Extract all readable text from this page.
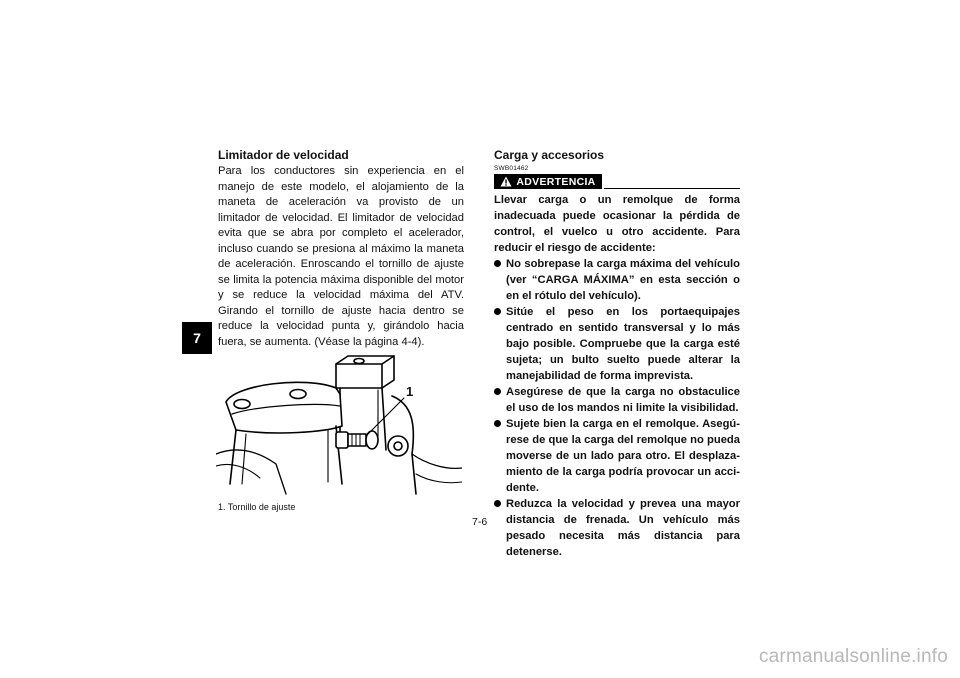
7

Limitador de velocidad

Para los conductores sin experiencia en el manejo de este modelo, el alojamiento de la maneta de aceleración va provisto de un limitador de velocidad. El limitador de velocidad evita que se abra por completo el acelerador, incluso cuando se presiona al máximo la maneta de aceleración. Enroscando el tornillo de ajuste se limita la potencia máxima disponible del motor y se reduce la velocidad máxima del ATV. Girando el tornillo de ajuste hacia dentro se reduce la velocidad punta y, girándolo hacia fuera, se aumenta. (Véase la página 4-4).

1
1. Tornillo de ajuste

Carga y accesorios

SWB01462
ADVERTENCIA

Llevar carga o un remolque de forma inadecuada puede ocasionar la pérdida de control, el vuelco u otro accidente. Para reducir el riesgo de accidente:

No sobrepase la carga máxima del vehículo (ver “CARGA MÁXIMA” en esta sección o en el rótulo del vehículo).
Sitúe el peso en los portaequipajes centrado en sentido transversal y lo más bajo posible. Compruebe que la carga esté sujeta; un bulto suelto puede alterar la manejabilidad de forma imprevista.
Asegúrese de que la carga no obstaculice el uso de los mandos ni limite la visibilidad.
Sujete bien la carga en el remolque. Asegúrese de que la carga del remolque no pueda moverse de un lado para otro. El desplazamiento de la carga podría provocar un accidente.
Reduzca la velocidad y prevea una mayor distancia de frenada. Un vehículo más pesado necesita más distancia para detenerse.
7-6
carmanualsonline.info
